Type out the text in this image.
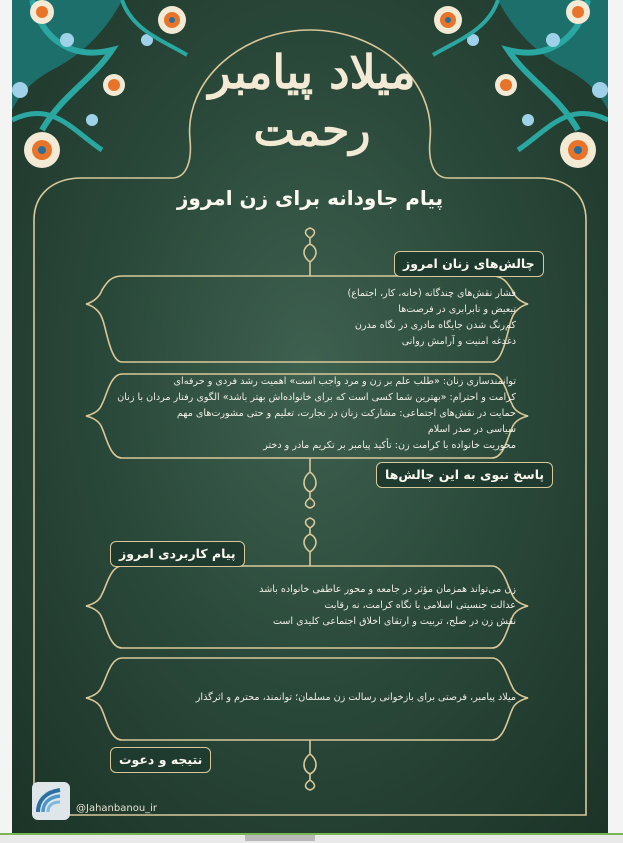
میلاد پیامبر
رحمت
پیام جاودانه برای زن امروز
چالش‌های زنان امروز

فشار نقش‌های چندگانه (خانه، کار، اجتماع)

تبعیض و نابرابری در فرصت‌ها

کم‌رنگ شدن جایگاه مادری در نگاه مدرن

دغدغه امنیت و آرامش روانی

توانمندسازی زنان: «طلب علم بر زن و مرد واجب است» اهمیت رشد فردی و حرفه‌ای

کرامت و احترام: «بهترین شما کسی است که برای خانواده‌اش بهتر باشد» الگوی رفتار مردان با زنان

حمایت در نقش‌های اجتماعی: مشارکت زنان در تجارت، تعلیم و حتی مشورت‌های مهم

سیاسی در صدر اسلام

محوریت خانواده با کرامت زن: تأکید پیامبر بر تکریم مادر و دختر

پاسخ نبوی به این چالش‌ها
پیام کاربردی امروز

زن می‌تواند همزمان مؤثر در جامعه و محور عاطفی خانواده باشد

عدالت جنسیتی اسلامی با نگاه کرامت، نه رقابت

نقش زن در صلح، تربیت و ارتقای اخلاق اجتماعی کلیدی است

میلاد پیامبر، فرصتی برای بازخوانی رسالت زن مسلمان؛ توانمند، محترم و اثرگذار

نتیجه و دعوت
@Jahanbanou_ir
